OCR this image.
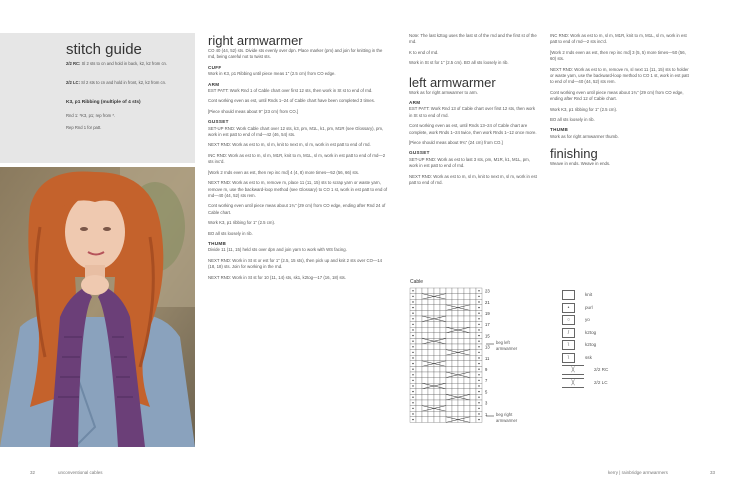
stitch guide
2/2 RC: Sl 2 sts to cn and hold in back, k2, k2 from cn.
2/2 LC: Sl 2 sts to cn and hold in front, k2, k2 from cn.
K3, p1 Ribbing (multiple of 4 sts)
Rnd 1: *K3, p1; rep from *.
Rep Rnd 1 for patt.
right armwarmer

CO 40 (44, 52) sts. Divide sts evenly over dpn. Place marker (pm) and join for knitting in the rnd, being careful not to twist sts.

CUFF

Work in K3, p1 Ribbing until piece meas 1" (2.5 cm) from CO edge.

ARM

EST PATT: Work Rnd 1 of Cable chart over first 12 sts, then work in St st to end of rnd.

Cont working even as est, until Rnds 1–24 of Cable chart have been completed 3 times.

[Piece should meas about 9" (23 cm) from CO.]

GUSSET

SET-UP RND: Work Cable chart over 12 sts, k3, pm, M1L, k1, pm, M1R (see Glossary), pm, work in est patt to end of rnd—42 (46, 54) sts.

NEXT RND: Work as est to m, sl m, knit to next m, sl m, work in est patt to end of rnd.

INC RND: Work as est to m, sl m, M1R, knit to m, M1L, sl m, work in est patt to end of rnd—2 sts inc'd.

[Work 2 rnds even as est, then rep inc rnd] 4 (4, 8) more times—52 (56, 66) sts.

NEXT RND: Work as est to m, remove m, place 11 (11, 15) sts to scrap yarn or waste yarn, remove m, use the backward-loop method (see Glossary) to CO 1 st, work in est patt to end of rnd—40 (44, 52) sts rem.

Cont working even until piece meas about 1¾" (29 cm) from CO edge, ending after Rnd 24 of Cable chart.

Work K3, p1 ribbing for 1" (2.5 cm).

BO all sts loosely in rib.

THUMB

Divide 11 (11, 15) held sts over dpn and join yarn to work with WS facing.

NEXT RND: Work in St st or est for 1" (2.5, 15 sts), then pick up and knit 2 sts over CO—14 (18, 18) sts. Join for working in the rnd.

NEXT RND: Work in St st for 10 (11, 14) sts, sk1, k2tog—17 (16, 18) sts.

Note: The last k2tog uses the last st of the rnd and the first st of the rnd.

K to end of rnd.

Work in St st for 1" (2.5 cm). BO all sts loosely in rib.

left armwarmer

Work as for right armwarmer to arm.

ARM

EST PATT: Work Rnd 13 of Cable chart over first 12 sts, then work in St st to end of rnd.

Cont working even as est, until Rnds 13–24 of Cable chart are complete, work Rnds 1–24 twice, then work Rnds 1–12 once more.

[Piece should meas about 9¾" (24 cm) from CO.]

GUSSET

SET-UP RND: Work as est to last 3 sts, pm, M1R, k1, M1L, pm, work in est patt to end of rnd.

NEXT RND: Work as est to m, sl m, knit to next m, sl m, work in est patt to end of rnd.

INC RND: Work as est to m, sl m, M1R, knit to m, M1L, sl m, work in est patt to end of rnd—2 sts inc'd.

[Work 2 rnds even as est, then rep inc rnd] 3 (5, 5) more times—50 (56, 60) sts.

NEXT RND: Work as est to m, remove m, sl next 11 (11, 15) sts to holder or waste yarn, use the backward-loop method to CO 1 st, work in est patt to end of rnd—40 (44, 52) sts rem.

Cont working even until piece meas about 1¾" (29 cm) from CO edge, ending after Rnd 12 of Cable chart.

Work K3, p1 ribbing for 1" (2.5 cm).

BO all sts loosely in rib.

THUMB

Work as for right armwarmer thumb.

finishing

Weave in ends. Weave in ends.

Cable
23
21
19
17
15
13
11
9
7
5
3
1
beg left armwarmer
beg right armwarmer
knit
•	purl
○	yo
/	k2tog
\	k2tog
\	ssk
╳	2/2 RC
╳	2/2 LC
32	unconventional cables	kerry | rainbridge armwarmers	33
